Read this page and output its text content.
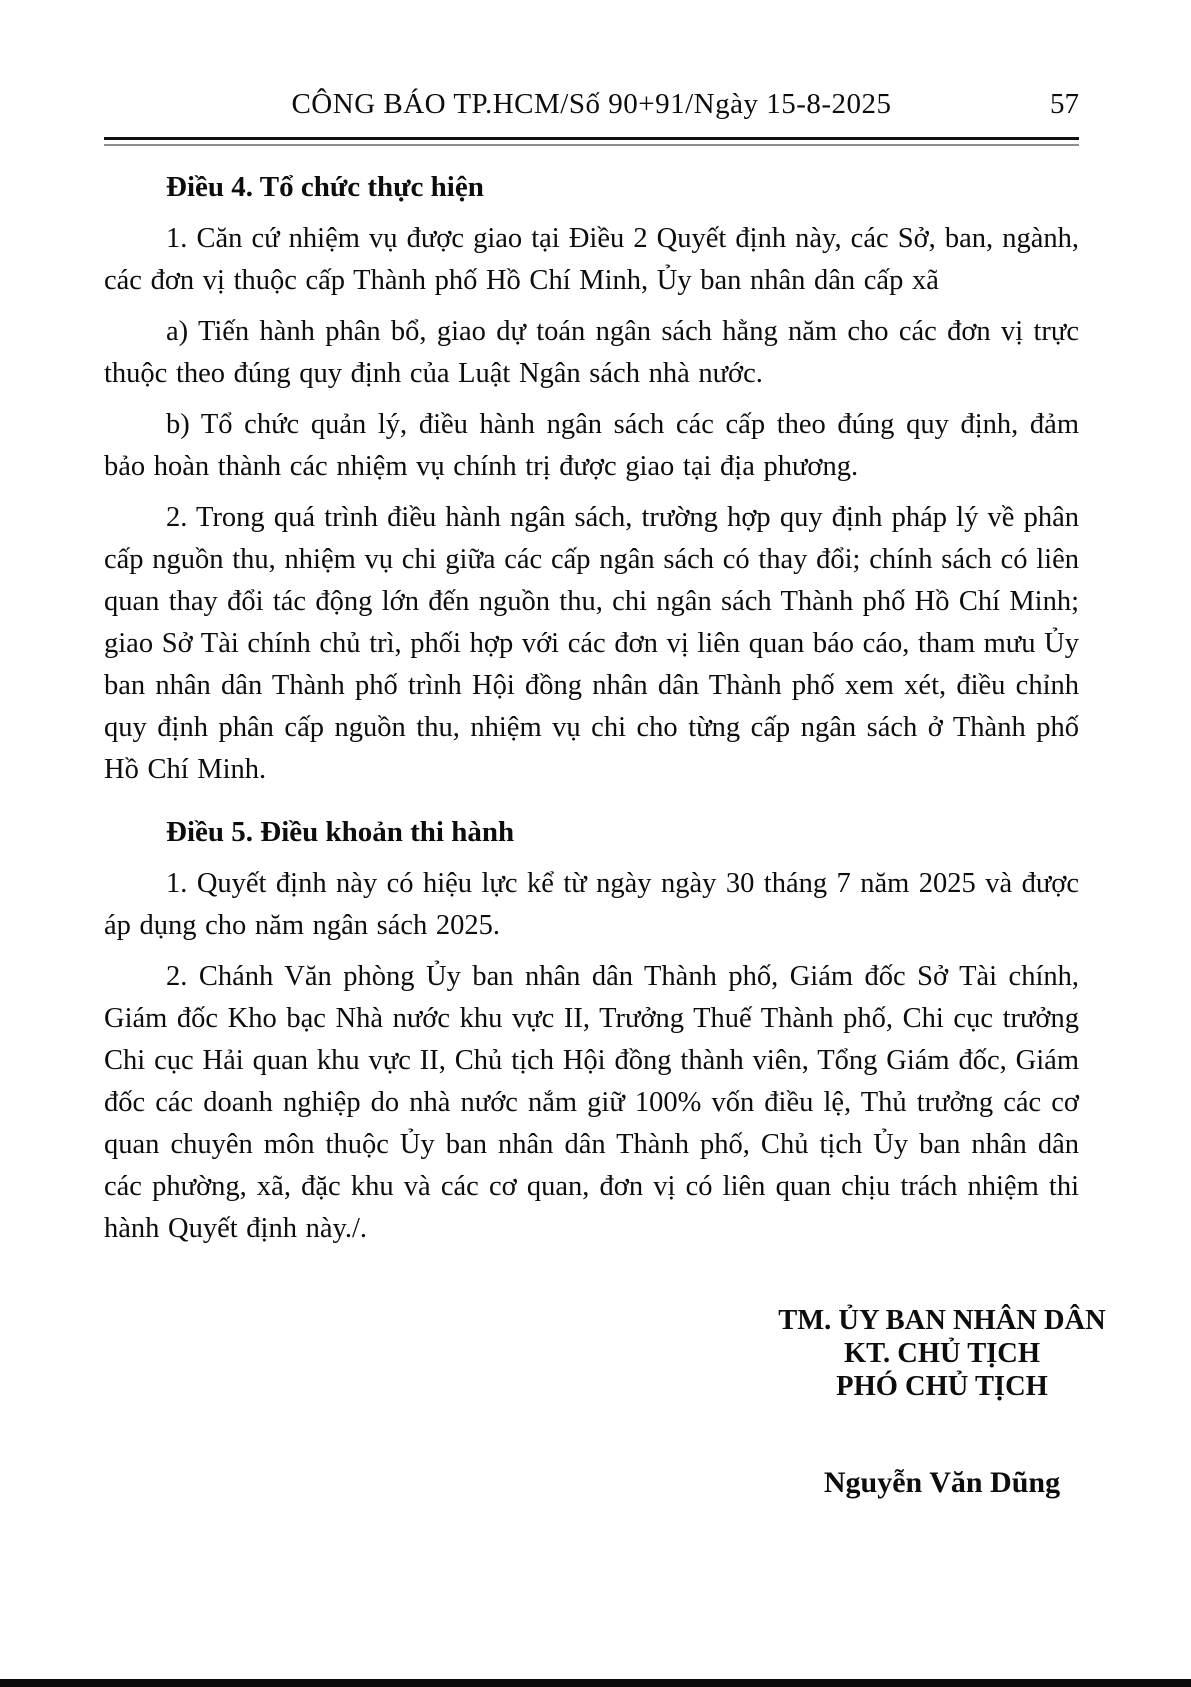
CÔNG BÁO TP.HCM/Số 90+91/Ngày 15-8-2025	57
Điều 4. Tổ chức thực hiện

1. Căn cứ nhiệm vụ được giao tại Điều 2 Quyết định này, các Sở, ban, ngành, các đơn vị thuộc cấp Thành phố Hồ Chí Minh, Ủy ban nhân dân cấp xã

a) Tiến hành phân bổ, giao dự toán ngân sách hằng năm cho các đơn vị trực thuộc theo đúng quy định của Luật Ngân sách nhà nước.

b) Tổ chức quản lý, điều hành ngân sách các cấp theo đúng quy định, đảm bảo hoàn thành các nhiệm vụ chính trị được giao tại địa phương.

2. Trong quá trình điều hành ngân sách, trường hợp quy định pháp lý về phân cấp nguồn thu, nhiệm vụ chi giữa các cấp ngân sách có thay đổi; chính sách có liên quan thay đổi tác động lớn đến nguồn thu, chi ngân sách Thành phố Hồ Chí Minh; giao Sở Tài chính chủ trì, phối hợp với các đơn vị liên quan báo cáo, tham mưu Ủy ban nhân dân Thành phố trình Hội đồng nhân dân Thành phố xem xét, điều chỉnh quy định phân cấp nguồn thu, nhiệm vụ chi cho từng cấp ngân sách ở Thành phố Hồ Chí Minh.

Điều 5. Điều khoản thi hành

1. Quyết định này có hiệu lực kể từ ngày ngày 30 tháng 7 năm 2025 và được áp dụng cho năm ngân sách 2025.

2. Chánh Văn phòng Ủy ban nhân dân Thành phố, Giám đốc Sở Tài chính, Giám đốc Kho bạc Nhà nước khu vực II, Trưởng Thuế Thành phố, Chi cục trưởng Chi cục Hải quan khu vực II, Chủ tịch Hội đồng thành viên, Tổng Giám đốc, Giám đốc các doanh nghiệp do nhà nước nắm giữ 100% vốn điều lệ, Thủ trưởng các cơ quan chuyên môn thuộc Ủy ban nhân dân Thành phố, Chủ tịch Ủy ban nhân dân các phường, xã, đặc khu và các cơ quan, đơn vị có liên quan chịu trách nhiệm thi hành Quyết định này./.

TM. ỦY BAN NHÂN DÂN
KT. CHỦ TỊCH
PHÓ CHỦ TỊCH
Nguyễn Văn Dũng
